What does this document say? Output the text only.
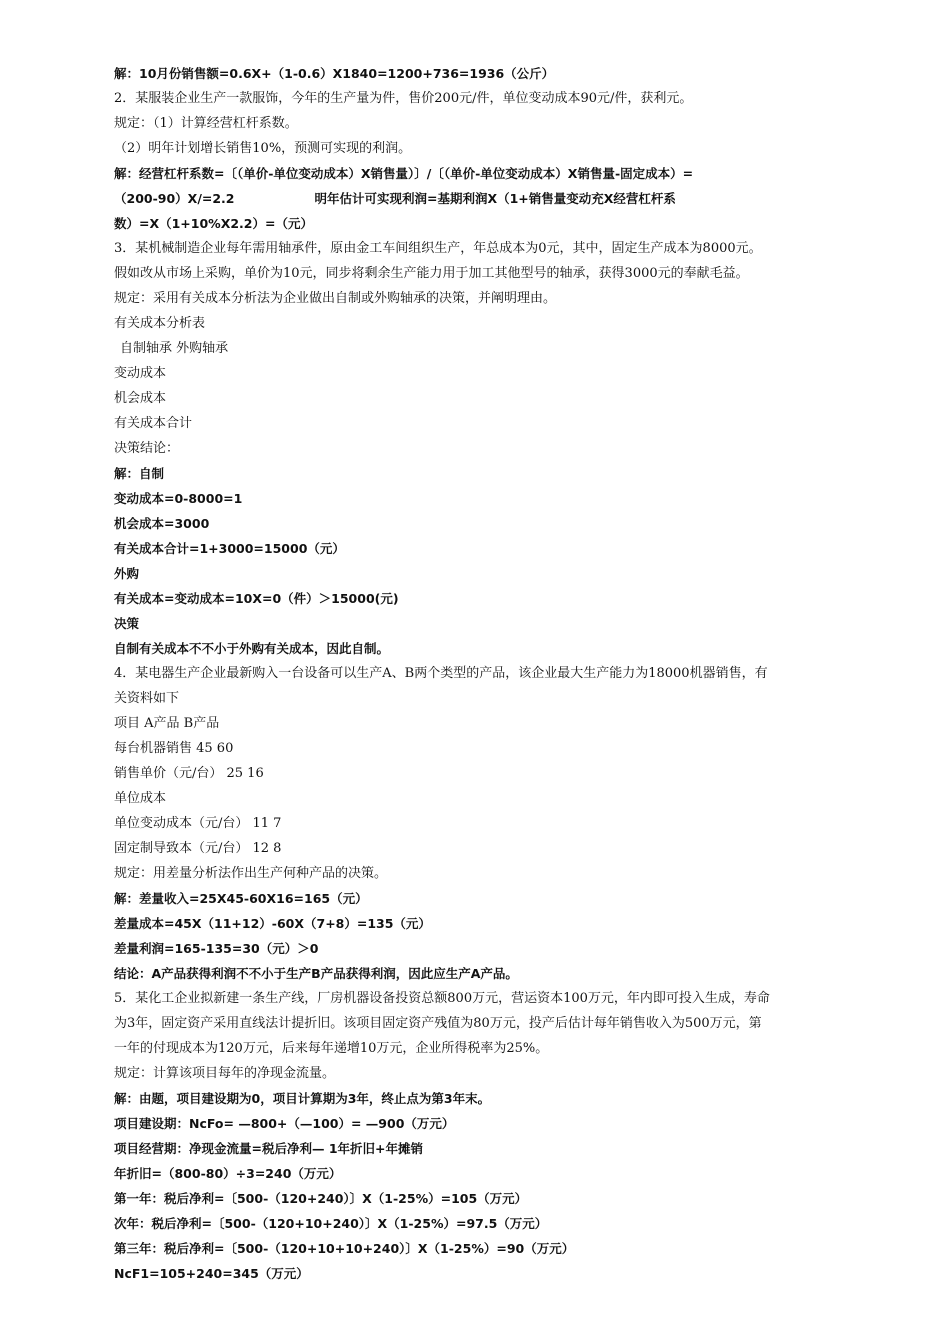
解：10月份销售额=0.6X+（1-0.6）X1840=1200+736=1936（公斤）
2．某服装企业生产一款服饰，今年的生产量为件，售价200元/件，单位变动成本90元/件，获利元。
规定：（1）计算经营杠杆系数。
（2）明年计划增长销售10%，预测可实现的利润。
解：经营杠杆系数=〔（单价-单位变动成本）X销售量）〕/〔（单价-单位变动成本）X销售量-固定成本）=
（200-90）X/=2.2	明年估计可实现利润=基期利润X（1+销售量变动充X经营杠杆系
数）=X（1+10%X2.2）=（元）
3．某机械制造企业每年需用轴承件，原由金工车间组织生产，年总成本为0元，其中，固定生产成本为8000元。
假如改从市场上采购，单价为10元，同步将剩余生产能力用于加工其他型号的轴承，获得3000元的奉献毛益。
规定：采用有关成本分析法为企业做出自制或外购轴承的决策，并阐明理由。
有关成本分析表
自制轴承 外购轴承
变动成本
机会成本
有关成本合计
决策结论：
解：自制
变动成本=0-8000=1
机会成本=3000
有关成本合计=1+3000=15000（元）
外购
有关成本=变动成本=10X=0（件）＞15000(元)
决策
自制有关成本不不小于外购有关成本，因此自制。
4．某电器生产企业最新购入一台设备可以生产A、B两个类型的产品，该企业最大生产能力为18000机器销售，有
关资料如下
项目 A产品 B产品
每台机器销售 45 60
销售单价（元/台） 25 16
单位成本
单位变动成本（元/台） 11 7
固定制导致本（元/台） 12 8
规定：用差量分析法作出生产何种产品的决策。
解：差量收入=25X45-60X16=165（元）
差量成本=45X（11+12）-60X（7+8）=135（元）
差量利润=165-135=30（元）＞0
结论：A产品获得利润不不小于生产B产品获得利润，因此应生产A产品。
5．某化工企业拟新建一条生产线，厂房机器设备投资总额800万元，营运资本100万元，年内即可投入生成，寿命
为3年，固定资产采用直线法计提折旧。该项目固定资产残值为80万元，投产后估计每年销售收入为500万元，第
一年的付现成本为120万元，后来每年递增10万元，企业所得税率为25%。
规定：计算该项目每年的净现金流量。
解：由题，项目建设期为0，项目计算期为3年，终止点为第3年末。
项目建设期：NcFo= —800+（—100）= —900（万元）
项目经营期：净现金流量=税后净利— 1年折旧+年摊销
年折旧=（800-80）÷3=240（万元）
第一年：税后净利=〔500-（120+240）〕X（1-25%）=105（万元）
次年：税后净利=〔500-（120+10+240）〕X（1-25%）=97.5（万元）
第三年：税后净利=〔500-（120+10+10+240）〕X（1-25%）=90（万元）
NcF1=105+240=345（万元）
